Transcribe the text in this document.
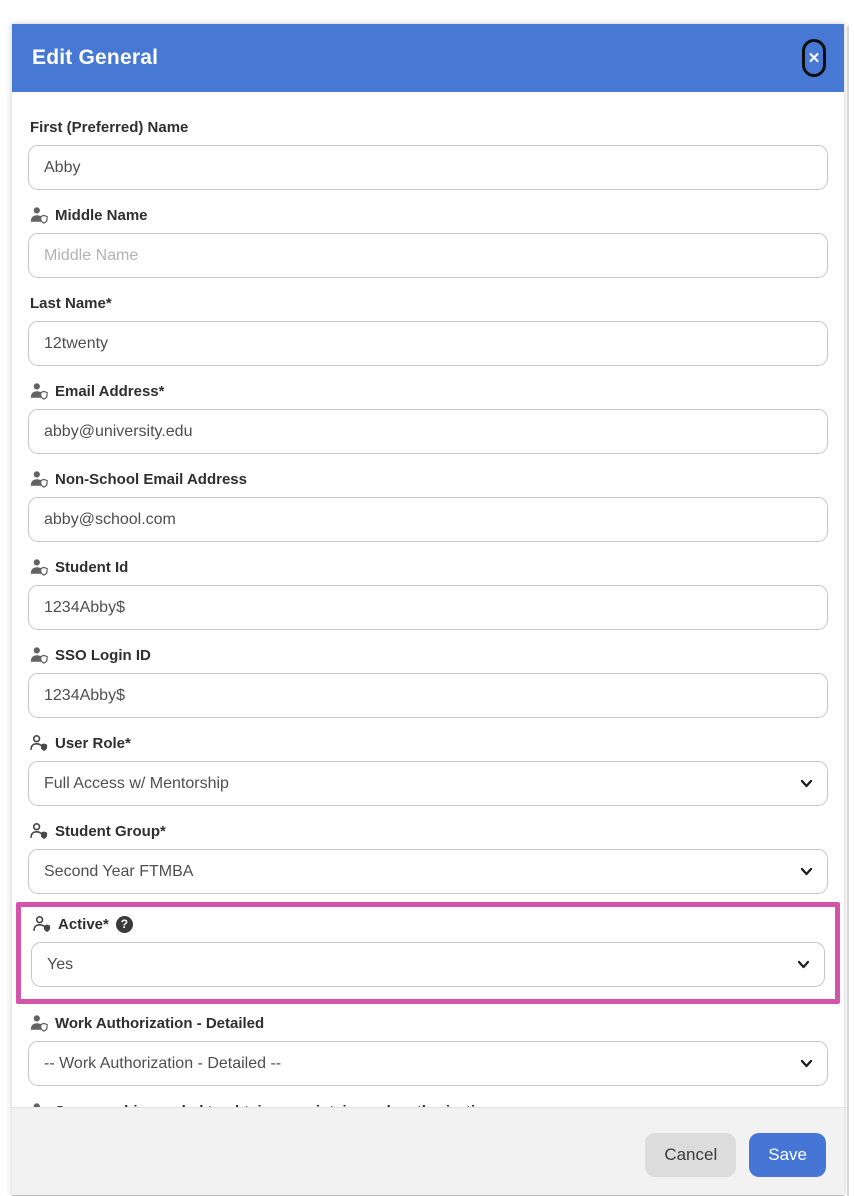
Edit General	✕
First (Preferred) Name
Abby
Middle Name
Middle Name
Last Name*
12twenty
Email Address*
abby@university.edu
Non-School Email Address
abby@school.com
Student Id
1234Abby$
SSO Login ID
1234Abby$
User Role*
Full Access w/ Mentorship
Student Group*
Second Year FTMBA
Active* ?
Yes
Work Authorization - Detailed
-- Work Authorization - Detailed --
Cancel	Save
